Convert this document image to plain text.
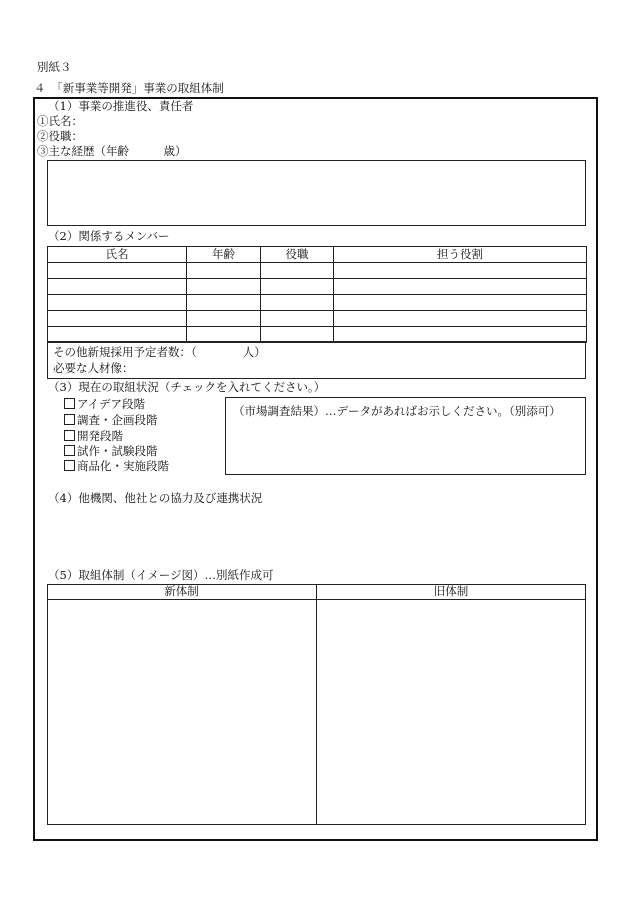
別紙３
４　「新事業等開発」事業の取組体制
（1）事業の推進役、責任者
①氏名：
②役職：
③主な経歴（年齢　　　歳）
（2）関係するメンバー
氏名	年齢	役職	担う役割

その他新規採用予定者数：（　　　　人）
必要な人材像：
（3）現在の取組状況（チェックを入れてください。）
アイデア段階
調査・企画段階
開発段階
試作・試験段階
商品化・実施段階
（市場調査結果）…データがあればお示しください。（別添可）
（4）他機関、他社との協力及び連携状況
（5）取組体制（イメージ図）…別紙作成可
新体制	旧体制
